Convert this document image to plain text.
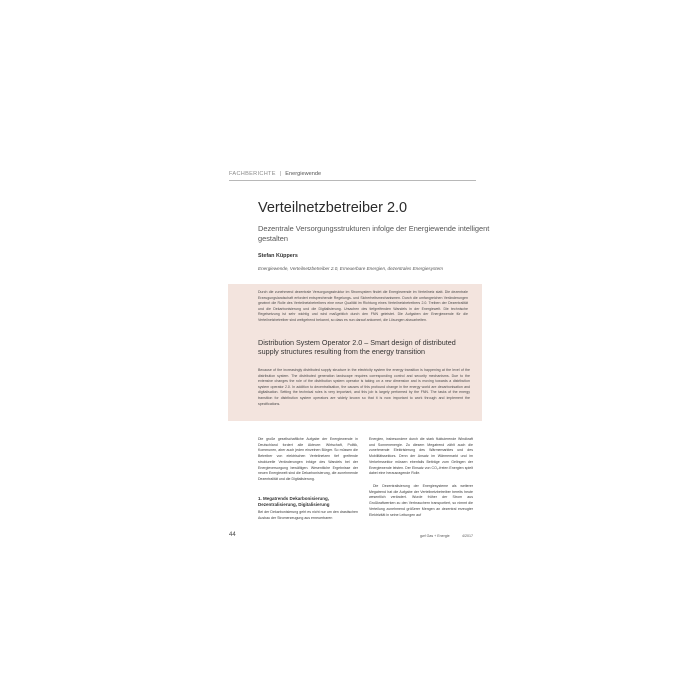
FACHBERICHTE | Energiewende
Verteilnetzbetreiber 2.0
Dezentrale Versorgungsstrukturen infolge der Energiewende intelligent gestalten
Stefan Küppers
Energiewende, Verteilnetzbetreiber 2.0, Erneuerbare Energien, dezentrales Energiesystem
Durch die zunehmend dezentrale Versorgungsstruktur im Stromsystem findet die Energiewende im Verteilnetz statt. Die dezentrale Erzeugungslandschaft erfordert entsprechende Regelungs- und Sicherheitsmechanismen. Durch die umfangreichen Veränderungen gewinnt die Rolle des Verteilnetzbetreibers eine neue Qualität im Richtung eines Verteilnetzbetreibers 2.0. Treiben der Dezentralität und die Dekarbonisierung und die Digitalisierung. Ursachen des tiefgreifenden Wandels in der Energiewelt. Die technische Regelsetzung ist sehr wichtig und wird maßgeblich durch den FNN geleistet. Die Aufgaben der Energiewende für die Verteilnetzbetreiber sind weitgehend bekannt, so dass es nun darauf ankommt, die Lösungen abzuarbeiten.
Distribution System Operator 2.0 – Smart design of distributed supply structures resulting from the energy transition
Because of the increasingly distributed supply structure in the electricity system the energy transition is happening at the level of the distribution system. The distributed generation landscape requires corresponding control and security mechanisms. Due to the extensive changes the role of the distribution system operator is taking on a new dimension and is moving towards a distribution system operator 2.0. In addition to decentralisation, the causes of this profound change in the energy world are decarbonisation and digitalisation. Setting the technical rules is very important, and this job is largely performed by the FNN. The tasks of the energy transition for distribution system operators are widely known so that it is now important to work through and implement the specifications.

Die große gesellschaftliche Aufgabe der Energiewende in Deutschland fordert alle Akteure: Wirtschaft, Politik, Kommunen, aber auch jeden einzelnen Bürger. So müssen die Betreiber von elektrischen Verteilnetzen tief greifende strukturelle Veränderungen infolge des Wandels bei der Energieversorgung bewältigen. Wesentliche Ergebnisse der neuen Energiewelt sind die Dekarbonisierung, die zunehmende Dezentralität und die Digitalisierung.

1. Megatrends Dekarbonisierung, Dezentralisierung, Digitalisierung

Bei der Dekarbonisierung geht es nicht nur um den drastischen Ausbau der Stromerzeugung aus erneuerbaren

Energien, insbesondere durch die stark fluktuierende Windkraft und Sonnenenergie. Zu diesem Megatrend zählt auch die zunehmende Elektrisierung des Wärmemarktes und des Mobilitätssektors. Denn der Ansatz im Wärmemarkt und im Verkehrssektor müssen ebenfalls Beiträge zum Gelingen der Energiewende leisten. Der Einsatz von CO₂-freien Energien spielt dabei eine herausragende Rolle.

Die Dezentralisierung der Energiesysteme als weiterer Megatrend hat die Aufgabe der Verteilnetzbetreiber bereits heute wesentlich verändert. Wurde früher der Strom aus Großkraftwerken zu den Verbrauchern transportiert, so nimmt die Verteilung zunehmend größerer Mengen an dezentral erzeugter Elektrizität in seine Leitungen auf

44	gwf Gas + Energie	4/2017
